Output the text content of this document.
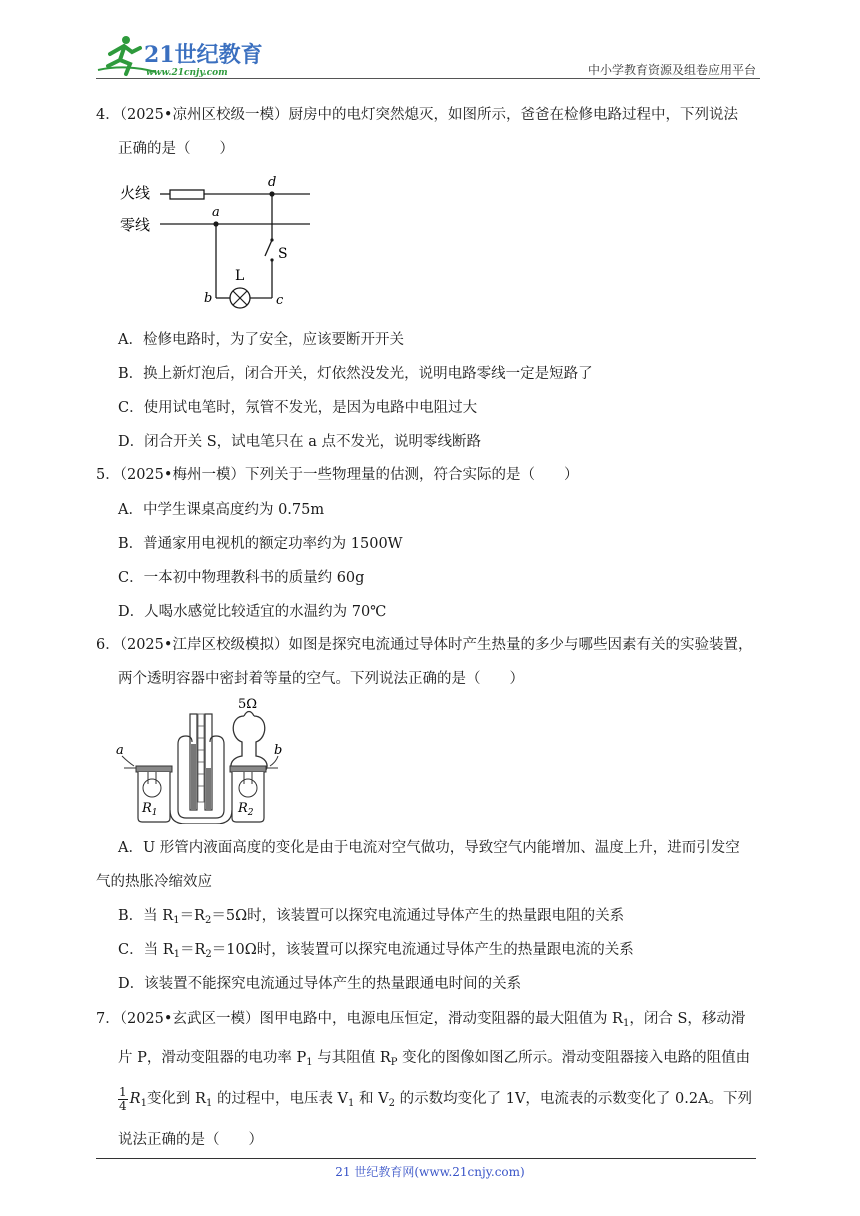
21世纪教育
www.21cnjy.com	中小学教育资源及组卷应用平台
4．（2025•凉州区校级一模）厨房中的电灯突然熄灭，如图所示，爸爸在检修电路过程中，下列说法
正确的是（　　）
火线
零线
d
a
L
S
b	c
A．检修电路时，为了安全，应该要断开开关
B．换上新灯泡后，闭合开关，灯依然没发光，说明电路零线一定是短路了
C．使用试电笔时，氖管不发光，是因为电路中电阻过大
D．闭合开关 S，试电笔只在 a 点不发光，说明零线断路
5．（2025•梅州一模）下列关于一些物理量的估测，符合实际的是（　　）
A．中学生课桌高度约为 0.75m
B．普通家用电视机的额定功率约为 1500W
C．一本初中物理教科书的质量约 60g
D．人喝水感觉比较适宜的水温约为 70℃
6．（2025•江岸区校级模拟）如图是探究电流通过导体时产生热量的多少与哪些因素有关的实验装置，
两个透明容器中密封着等量的空气。下列说法正确的是（　　）
5Ω
a
$R_1$
b
$R_2$
A．U 形管内液面高度的变化是由于电流对空气做功，导致空气内能增加、温度上升，进而引发空
气的热胀冷缩效应
B．当 $R_1=R_2=5\Omega$时，该装置可以探究电流通过导体产生的热量跟电阻的关系
C．当 $R_1=R_2=10\Omega$时，该装置可以探究电流通过导体产生的热量跟电流的关系
D．该装置不能探究电流通过导体产生的热量跟通电时间的关系
7．（2025•玄武区一模）图甲电路中，电源电压恒定，滑动变阻器的最大阻值为 $R_1$，闭合 S，移动滑
片 P，滑动变阻器的电功率 $P_1$ 与其阻值 $R_P$ 变化的图像如图乙所示。滑动变阻器接入电路的阻值由
$\frac{1}{4} R_1$变化到 $R_1$ 的过程中，电压表 $V_1$ 和 $V_2$ 的示数均变化了 1V，电流表的示数变化了 0.2A。下列
说法正确的是（　　）
21 世纪教育网(www.21cnjy.com)
